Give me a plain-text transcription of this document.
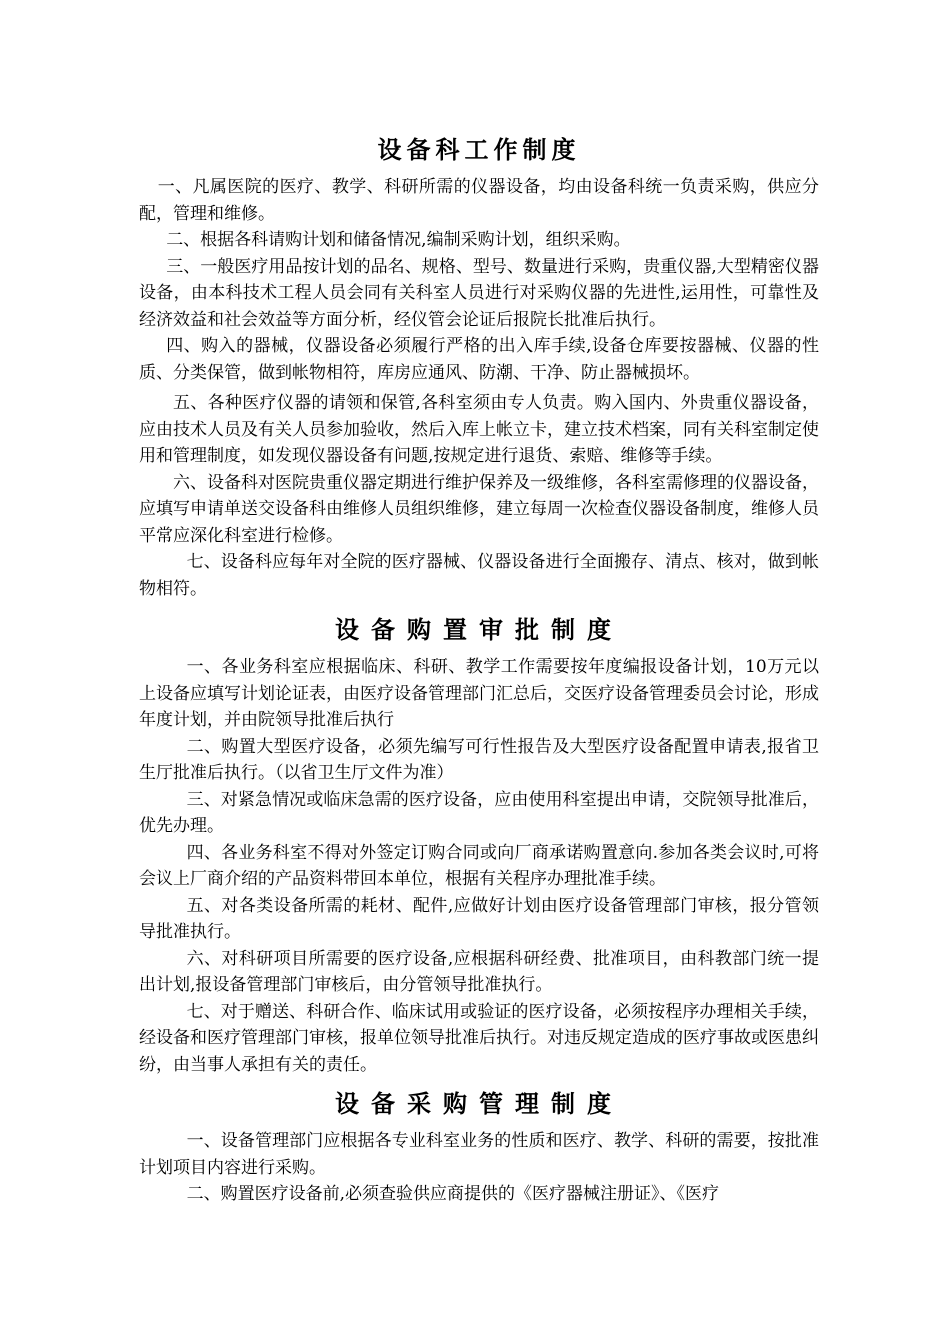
设备科工作制度

一、凡属医院的医疗、教学、科研所需的仪器设备，均由设备科统一负责采购，供应分配，管理和维修。

二、根据各科请购计划和储备情况,编制采购计划，组织采购。

三、一般医疗用品按计划的品名、规格、型号、数量进行采购，贵重仪器,大型精密仪器设备，由本科技术工程人员会同有关科室人员进行对采购仪器的先进性,运用性，可靠性及经济效益和社会效益等方面分析，经仪管会论证后报院长批准后执行。

四、购入的器械，仪器设备必须履行严格的出入库手续,设备仓库要按器械、仪器的性质、分类保管，做到帐物相符，库房应通风、防潮、干净、防止器械损坏。

五、各种医疗仪器的请领和保管,各科室须由专人负责。购入国内、外贵重仪器设备，应由技术人员及有关人员参加验收，然后入库上帐立卡，建立技术档案，同有关科室制定使用和管理制度，如发现仪器设备有问题,按规定进行退货、索赔、维修等手续。

六、设备科对医院贵重仪器定期进行维护保养及一级维修，各科室需修理的仪器设备，应填写申请单送交设备科由维修人员组织维修，建立每周一次检查仪器设备制度，维修人员平常应深化科室进行检修。

七、设备科应每年对全院的医疗器械、仪器设备进行全面搬存、清点、核对，做到帐物相符。

设备购置审批制度

一、各业务科室应根据临床、科研、教学工作需要按年度编报设备计划，10万元以上设备应填写计划论证表，由医疗设备管理部门汇总后，交医疗设备管理委员会讨论，形成年度计划，并由院领导批准后执行

二、购置大型医疗设备，必须先编写可行性报告及大型医疗设备配置申请表,报省卫生厅批准后执行。（以省卫生厅文件为准）

三、对紧急情况或临床急需的医疗设备，应由使用科室提出申请，交院领导批准后，优先办理。

四、各业务科室不得对外签定订购合同或向厂商承诺购置意向.参加各类会议时,可将会议上厂商介绍的产品资料带回本单位，根据有关程序办理批准手续。

五、对各类设备所需的耗材、配件,应做好计划由医疗设备管理部门审核，报分管领导批准执行。

六、对科研项目所需要的医疗设备,应根据科研经费、批准项目，由科教部门统一提出计划,报设备管理部门审核后，由分管领导批准执行。

七、对于赠送、科研合作、临床试用或验证的医疗设备，必须按程序办理相关手续，经设备和医疗管理部门审核，报单位领导批准后执行。对违反规定造成的医疗事故或医患纠纷，由当事人承担有关的责任。

设备采购管理制度

一、设备管理部门应根据各专业科室业务的性质和医疗、教学、科研的需要，按批准计划项目内容进行采购。

二、购置医疗设备前,必须查验供应商提供的《医疗器械注册证》、《医疗
